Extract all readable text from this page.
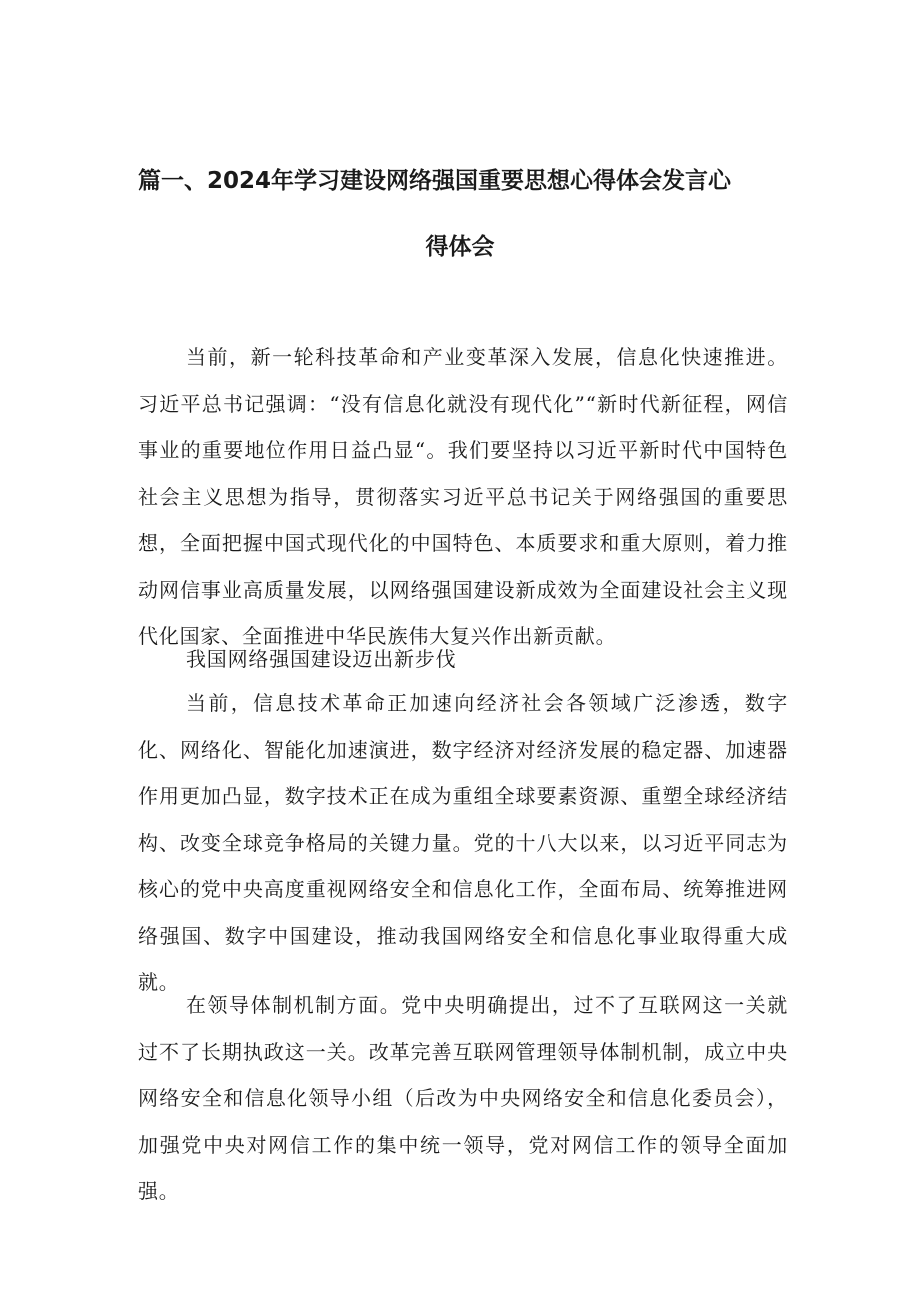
篇一、2024年学习建设网络强国重要思想心得体会发言心
得体会

当前，新一轮科技革命和产业变革深入发展，信息化快速推进。习近平总书记强调：“没有信息化就没有现代化”“新时代新征程，网信事业的重要地位作用日益凸显“。我们要坚持以习近平新时代中国特色社会主义思想为指导，贯彻落实习近平总书记关于网络强国的重要思想，全面把握中国式现代化的中国特色、本质要求和重大原则，着力推动网信事业高质量发展，以网络强国建设新成效为全面建设社会主义现代化国家、全面推进中华民族伟大复兴作出新贡献。

我国网络强国建设迈出新步伐

当前，信息技术革命正加速向经济社会各领域广泛渗透，数字化、网络化、智能化加速演进，数字经济对经济发展的稳定器、加速器作用更加凸显，数字技术正在成为重组全球要素资源、重塑全球经济结构、改变全球竞争格局的关键力量。党的十八大以来，以习近平同志为核心的党中央高度重视网络安全和信息化工作，全面布局、统筹推进网络强国、数字中国建设，推动我国网络安全和信息化事业取得重大成就。

在领导体制机制方面。党中央明确提出，过不了互联网这一关就过不了长期执政这一关。改革完善互联网管理领导体制机制，成立中央网络安全和信息化领导小组（后改为中央网络安全和信息化委员会），加强党中央对网信工作的集中统一领导，党对网信工作的领导全面加强。
